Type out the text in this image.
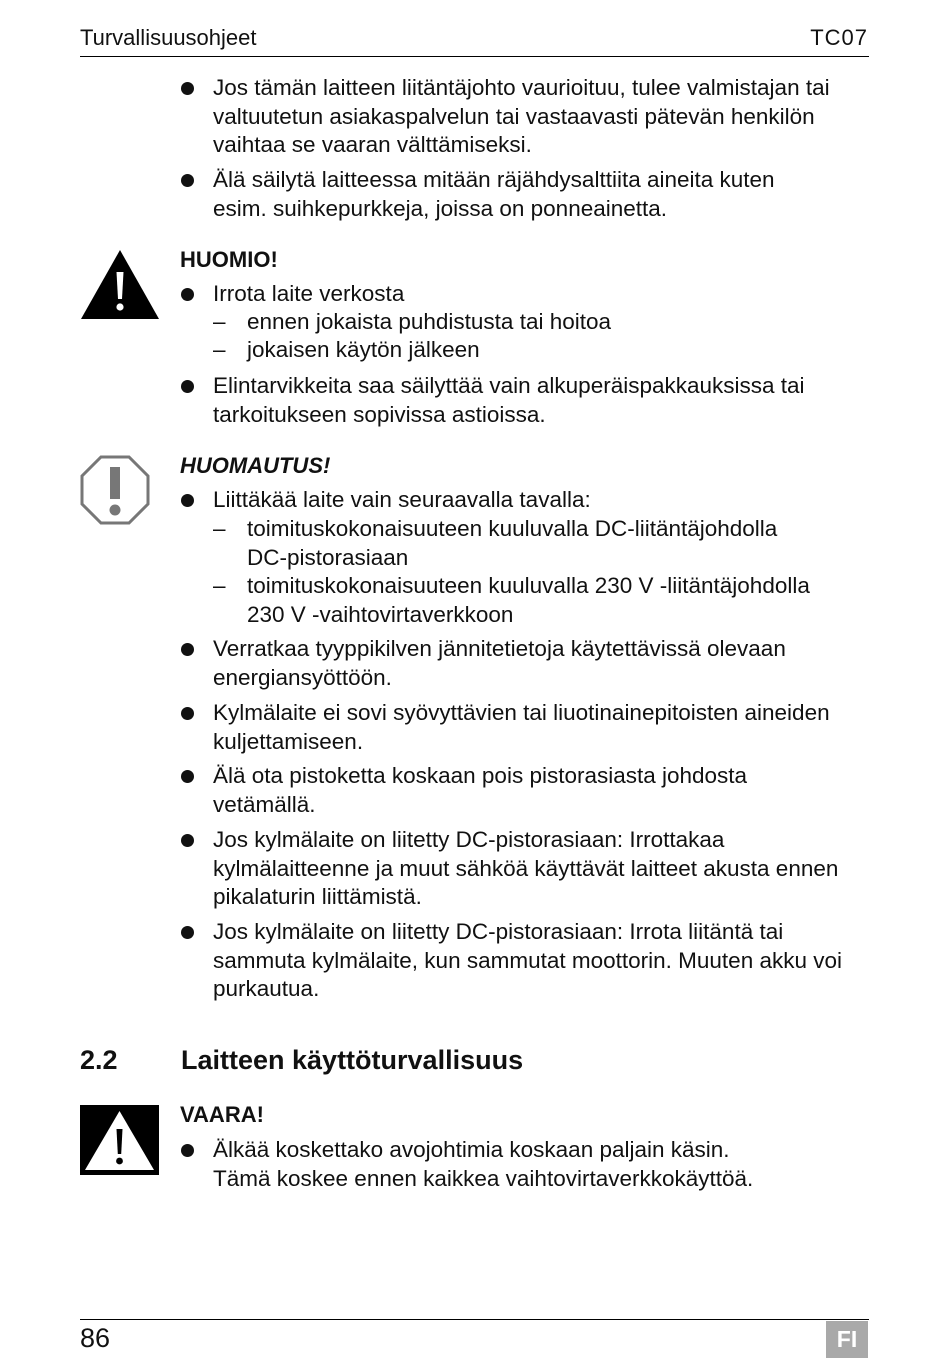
Turvallisuusohjeet	TC07
HUOMIO!
HUOMAUTUS!
2.2 Laitteen käyttöturvallisuus
VAARA!
Jos tämän laitteen liitäntäjohto vaurioituu, tulee valmistajan tai
valtuutetun asiakaspalvelun tai vastaavasti pätevän henkilön
vaihtaa se vaaran välttämiseksi.
Älä säilytä laitteessa mitään räjähdysalttiita aineita kuten
esim. suihkepurkkeja, joissa on ponneainetta.
Irrota laite verkosta
– ennen jokaista puhdistusta tai hoitoa
– jokaisen käytön jälkeen
Elintarvikkeita saa säilyttää vain alkuperäispakkauksissa tai
tarkoitukseen sopivissa astioissa.
Liittäkää laite vain seuraavalla tavalla:
– toimituskokonaisuuteen kuuluvalla DC-liitäntäjohdolla
DC-pistorasiaan
– toimituskokonaisuuteen kuuluvalla 230 V -liitäntäjohdolla
230 V -vaihtovirtaverkkoon
Verratkaa tyyppikilven jännitetietoja käytettävissä olevaan
energiansyöttöön.
Kylmälaite ei sovi syövyttävien tai liuotinainepitoisten aineiden
kuljettamiseen.
Älä ota pistoketta koskaan pois pistorasiasta johdosta
vetämällä.
Jos kylmälaite on liitetty DC-pistorasiaan: Irrottakaa
kylmälaitteenne ja muut sähköä käyttävät laitteet akusta ennen
pikalaturin liittämistä.
Jos kylmälaite on liitetty DC-pistorasiaan: Irrota liitäntä tai
sammuta kylmälaite, kun sammutat moottorin. Muuten akku voi
purkautua.
Älkää koskettako avojohtimia koskaan paljain käsin.
Tämä koskee ennen kaikkea vaihtovirtaverkkokäyttöä.
86	FI
